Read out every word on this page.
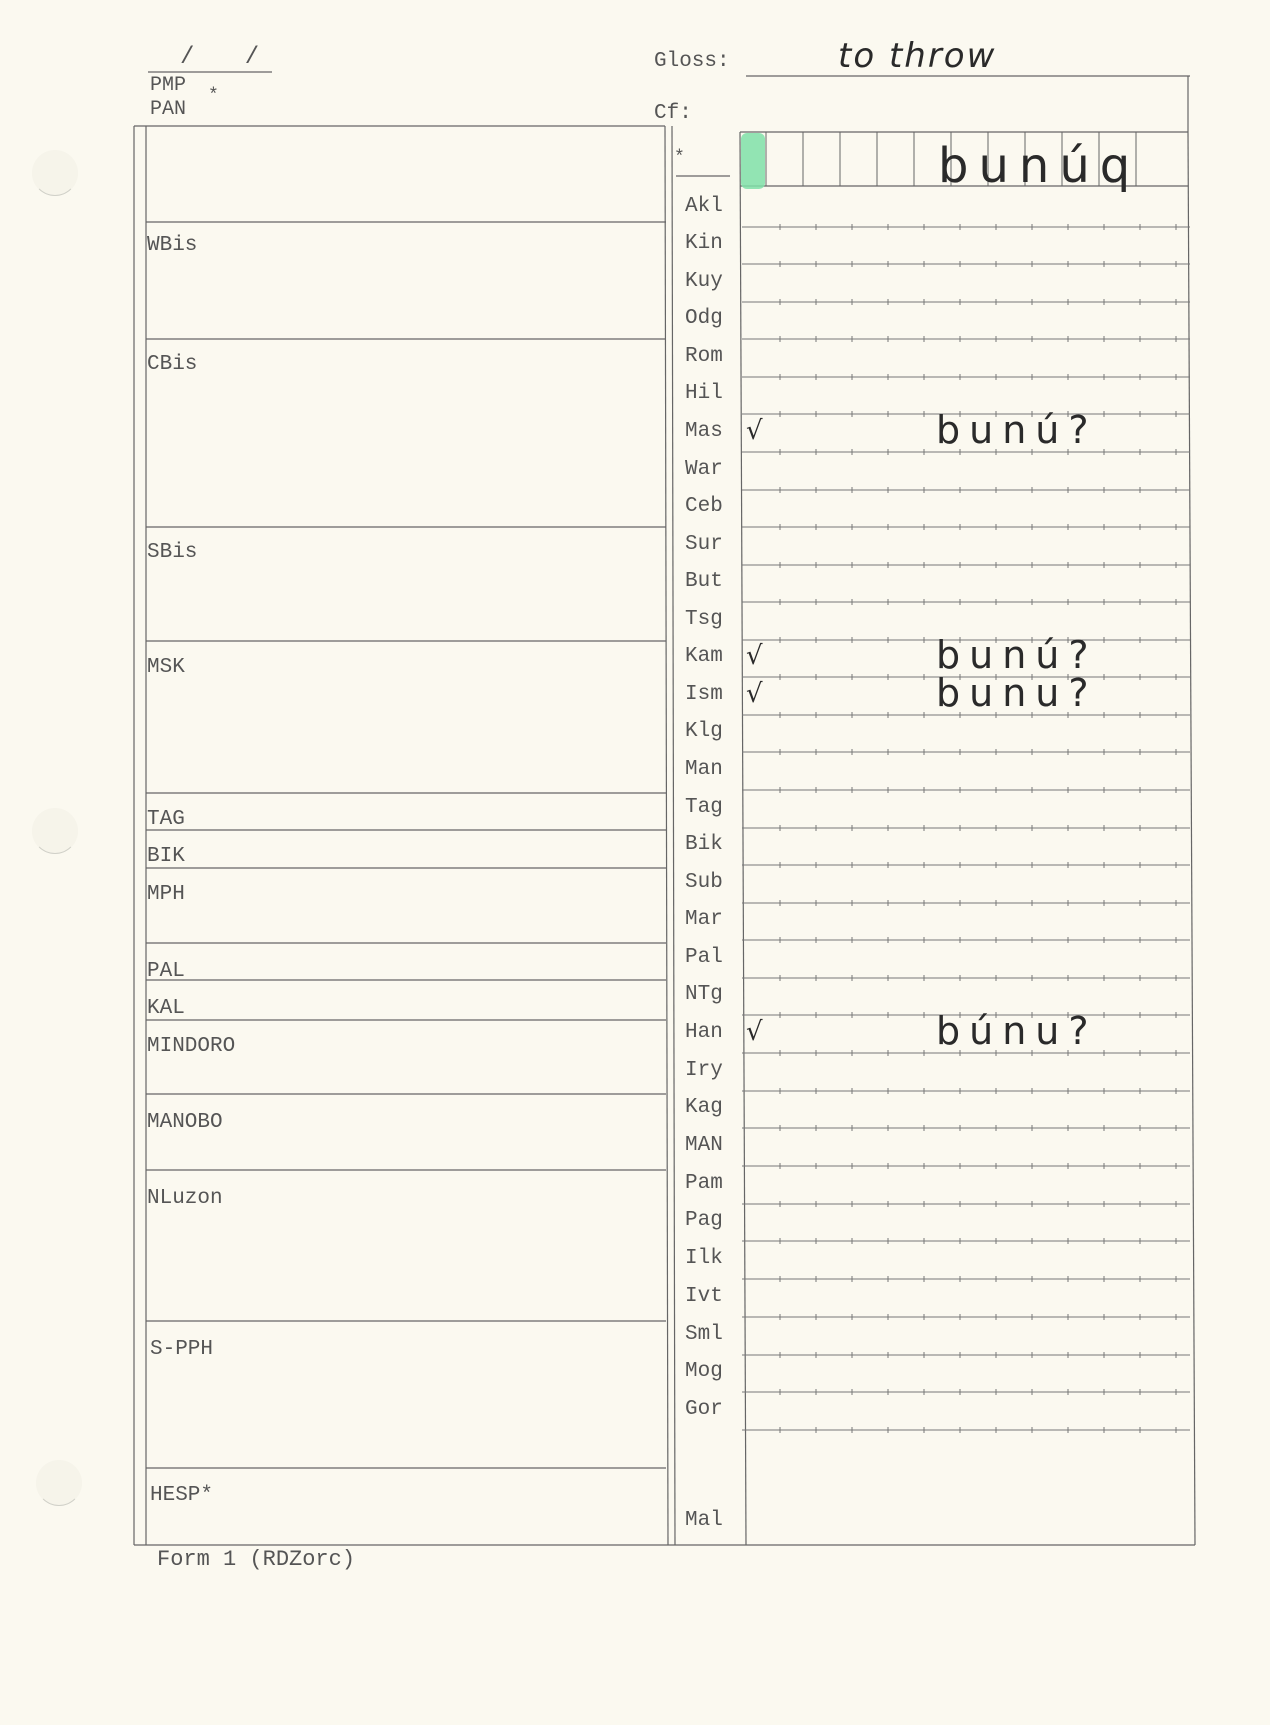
/ /
PMP
PAN
*
Gloss:	to throw
Cf:
*	bunúq
WBis
CBis
SBis
MSK
TAG
BIK
MPH
PAL
KAL
MINDORO
MANOBO
NLuzon
S-PPH
HESP*
Akl
Kin
Kuy
Odg
Rom
Hil
Mas √	bunú?
War
Ceb
Sur
But
Tsg
Kam √	bunú?
Ism √	bunu?
Klg
Man
Tag
Bik
Sub
Mar
Pal
NTg
Han √	búnu?
Iry
Kag
MAN
Pam
Pag
Ilk
Ivt
Sml
Mog
Gor
Mal
Form 1 (RDZorc)
